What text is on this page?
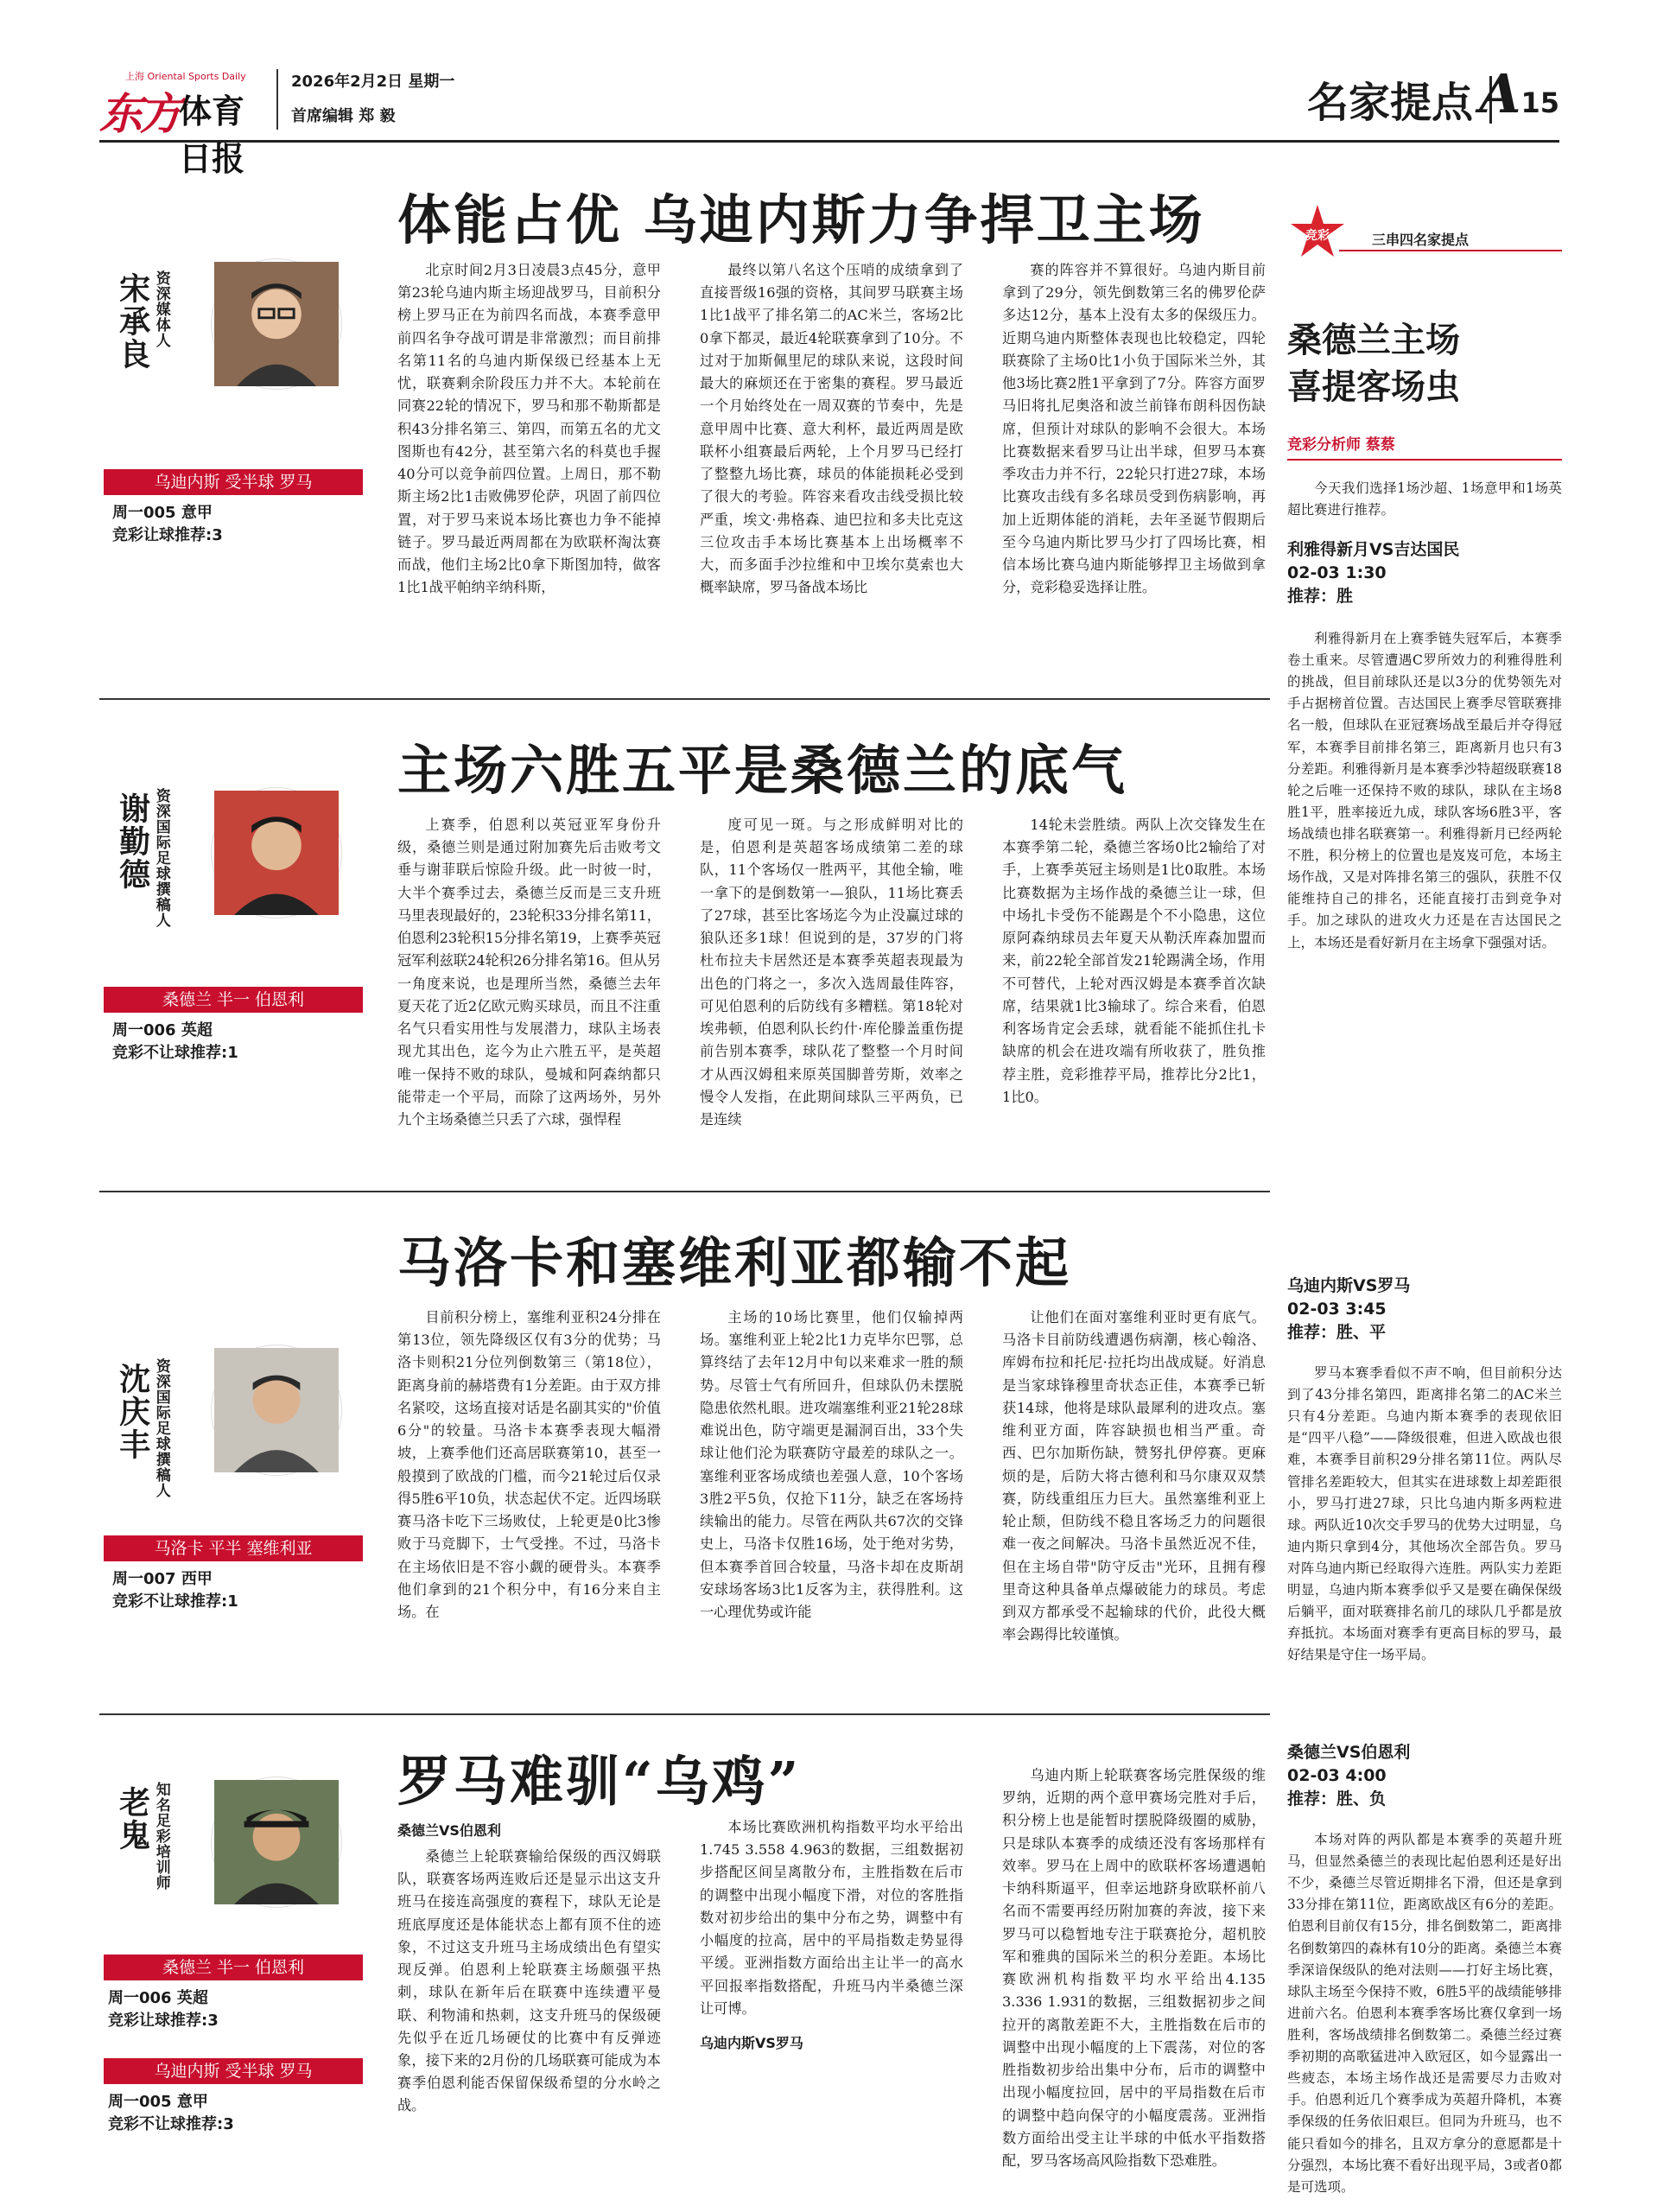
上海 Oriental Sports Daily
东方 体育日报
2026年2月2日 星期一
首席编辑 郑 毅	名家提点 A15
体能占优 乌迪内斯力争捍卫主场
宋承良 资深媒体人
乌迪内斯 受半球 罗马
周一005 意甲
竞彩让球推荐:3
北京时间2月3日凌晨3点45分，意甲第23轮乌迪内斯主场迎战罗马，目前积分榜上罗马正在为前四名而战，本赛季意甲前四名争夺战可谓是非常激烈；而目前排名第11名的乌迪内斯保级已经基本上无忧，联赛剩余阶段压力并不大。本轮前在同赛22轮的情况下，罗马和那不勒斯都是积43分排名第三、第四，而第五名的尤文图斯也有42分，甚至第六名的科莫也手握40分可以竞争前四位置。上周日，那不勒斯主场2比1击败佛罗伦萨，巩固了前四位置，对于罗马来说本场比赛也力争不能掉链子。罗马最近两周都在为欧联杯淘汰赛而战，他们主场2比0拿下斯图加特，做客1比1战平帕纳辛纳科斯，
最终以第八名这个压哨的成绩拿到了直接晋级16强的资格，其间罗马联赛主场1比1战平了排名第二的AC米兰，客场2比0拿下都灵，最近4轮联赛拿到了10分。不过对于加斯佩里尼的球队来说，这段时间最大的麻烦还在于密集的赛程。罗马最近一个月始终处在一周双赛的节奏中，先是意甲周中比赛、意大利杯，最近两周是欧联杯小组赛最后两轮，上个月罗马已经打了整整九场比赛，球员的体能损耗必受到了很大的考验。阵容来看攻击线受损比较严重，埃文·弗格森、迪巴拉和多夫比克这三位攻击手本场比赛基本上出场概率不大，而多面手沙拉维和中卫埃尔莫索也大概率缺席，罗马备战本场比
赛的阵容并不算很好。乌迪内斯目前拿到了29分，领先倒数第三名的佛罗伦萨多达12分，基本上没有太多的保级压力。近期乌迪内斯整体表现也比较稳定，四轮联赛除了主场0比1小负于国际米兰外，其他3场比赛2胜1平拿到了7分。阵容方面罗马旧将扎尼奥洛和波兰前锋布朗科因伤缺席，但预计对球队的影响不会很大。本场比赛数据来看罗马让出半球，但罗马本赛季攻击力并不行，22轮只打进27球，本场比赛攻击线有多名球员受到伤病影响，再加上近期体能的消耗，去年圣诞节假期后至今乌迪内斯比罗马少打了四场比赛，相信本场比赛乌迪内斯能够捍卫主场做到拿分，竞彩稳妥选择让胜。
主场六胜五平是桑德兰的底气
谢勤德 资深国际足球撰稿人
桑德兰 半一 伯恩利
周一006 英超
竞彩不让球推荐:1
上赛季，伯恩利以英冠亚军身份升级，桑德兰则是通过附加赛先后击败考文垂与谢菲联后惊险升级。此一时彼一时，大半个赛季过去，桑德兰反而是三支升班马里表现最好的，23轮积33分排名第11，伯恩利23轮积15分排名第19，上赛季英冠冠军利兹联24轮积26分排名第16。但从另一角度来说，也是理所当然，桑德兰去年夏天花了近2亿欧元购买球员，而且不注重名气只看实用性与发展潜力，球队主场表现尤其出色，迄今为止六胜五平，是英超唯一保持不败的球队，曼城和阿森纳都只能带走一个平局，而除了这两场外，另外九个主场桑德兰只丢了六球，强悍程
度可见一斑。与之形成鲜明对比的是，伯恩利是英超客场成绩第二差的球队，11个客场仅一胜两平，其他全输，唯一拿下的是倒数第一—狼队，11场比赛丢了27球，甚至比客场迄今为止没赢过球的狼队还多1球！但说到的是，37岁的门将杜布拉夫卡居然还是本赛季英超表现最为出色的门将之一，多次入选周最佳阵容，可见伯恩利的后防线有多糟糕。第18轮对埃弗顿，伯恩利队长约什·库伦滕盖重伤提前告别本赛季，球队花了整整一个月时间才从西汉姆租来原英国脚普劳斯，效率之慢令人发指，在此期间球队三平两负，已是连续
14轮未尝胜绩。两队上次交锋发生在本赛季第二轮，桑德兰客场0比2输给了对手，上赛季英冠主场则是1比0取胜。本场比赛数据为主场作战的桑德兰让一球，但中场扎卡受伤不能踢是个不小隐患，这位原阿森纳球员去年夏天从勒沃库森加盟而来，前22轮全部首发21轮踢满全场，作用不可替代，上轮对西汉姆是本赛季首次缺席，结果就1比3输球了。综合来看，伯恩利客场肯定会丢球，就看能不能抓住扎卡缺席的机会在进攻端有所收获了，胜负推荐主胜，竞彩推荐平局，推荐比分2比1，1比0。
马洛卡和塞维利亚都输不起
沈庆丰 资深国际足球撰稿人
马洛卡 平半 塞维利亚
周一007 西甲
竞彩不让球推荐:1
目前积分榜上，塞维利亚积24分排在第13位，领先降级区仅有3分的优势；马洛卡则积21分位列倒数第三（第18位），距离身前的赫塔费有1分差距。由于双方排名紧咬，这场直接对话是名副其实的"价值6分"的较量。马洛卡本赛季表现大幅滑坡，上赛季他们还高居联赛第10，甚至一般摸到了欧战的门槛，而今21轮过后仅录得5胜6平10负，状态起伏不定。近四场联赛马洛卡吃下三场败仗，上轮更是0比3惨败于马竞脚下，士气受挫。不过，马洛卡在主场依旧是不容小觑的硬骨头。本赛季他们拿到的21个积分中，有16分来自主场。在
主场的10场比赛里，他们仅输掉两场。塞维利亚上轮2比1力克毕尔巴鄂，总算终结了去年12月中旬以来难求一胜的颓势。尽管士气有所回升，但球队仍未摆脱隐患依然札眼。进攻端塞维利亚21轮28球难说出色，防守端更是漏洞百出，33个失球让他们沦为联赛防守最差的球队之一。塞维利亚客场成绩也差强人意，10个客场3胜2平5负，仅抢下11分，缺乏在客场持续输出的能力。尽管在两队共67次的交锋史上，马洛卡仅胜16场，处于绝对劣势，但本赛季首回合较量，马洛卡却在皮斯胡安球场客场3比1反客为主，获得胜利。这一心理优势或许能
让他们在面对塞维利亚时更有底气。马洛卡目前防线遭遇伤病潮，核心翰洛、库姆布拉和托尼·拉托均出战成疑。好消息是当家球锋穆里奇状态正佳，本赛季已斩获14球，他将是球队最犀利的进攻点。塞维利亚方面，阵容缺损也相当严重。奇西、巴尔加斯伤缺，赞努扎伊停赛。更麻烦的是，后防大将古德利和马尔康双双禁赛，防线重组压力巨大。虽然塞维利亚上轮止颓，但防线不稳且客场乏力的问题很难一夜之间解决。马洛卡虽然近况不佳，但在主场自带"防守反击"光环，且拥有穆里奇这种具备单点爆破能力的球员。考虑到双方都承受不起输球的代价，此役大概率会踢得比较谨慎。
罗马难驯“乌鸡”
老鬼 知名足彩培训师
桑德兰 半一 伯恩利
周一006 英超
竞彩让球推荐:3
乌迪内斯 受半球 罗马
周一005 意甲
竞彩不让球推荐:3
桑德兰VS伯恩利

桑德兰上轮联赛输给保级的西汉姆联队，联赛客场两连败后还是显示出这支升班马在接连高强度的赛程下，球队无论是班底厚度还是体能状态上都有顶不住的迹象，不过这支升班马主场成绩出色有望实现反弹。伯恩利上轮联赛主场颇强平热刺，球队在新年后在联赛中连续遭平曼联、利物浦和热刺，这支升班马的保级硬先似乎在近几场硬仗的比赛中有反弹迹象，接下来的2月份的几场联赛可能成为本赛季伯恩利能否保留保级希望的分水岭之战。

本场比赛欧洲机构指数平均水平给出1.745 3.558 4.963的数据，三组数据初步搭配区间呈离散分布，主胜指数在后市的调整中出现小幅度下滑，对位的客胜指数对初步给出的集中分布之势，调整中有小幅度的拉高，居中的平局指数走势显得平缓。亚洲指数方面给出主让半一的高水平回报率指数搭配，升班马内半桑德兰深让可博。

乌迪内斯VS罗马
乌迪内斯上轮联赛客场完胜保级的维罗纳，近期的两个意甲赛场完胜对手后，积分榜上也是能暂时摆脱降级圈的威胁，只是球队本赛季的成绩还没有客场那样有效率。罗马在上周中的欧联杯客场遭遇帕卡纳科斯逼平，但幸运地跻身欧联杯前八名而不需要再经历附加赛的奔波，接下来罗马可以稳暂地专注于联赛抢分，超机胶军和雅典的国际米兰的积分差距。本场比赛欧洲机构指数平均水平给出4.135 3.336 1.931的数据，三组数据初步之间拉开的离散差距不大，主胜指数在后市的调整中出现小幅度的上下震荡，对位的客胜指数初步给出集中分布，后市的调整中出现小幅度拉回，居中的平局指数在后市的调整中趋向保守的小幅度震荡。亚洲指数方面给出受主让半球的中低水平指数搭配，罗马客场高风险指数下恐难胜。
竞彩	三串四名家提点
桑德兰主场
喜提客场虫
竞彩分析师 蔡蔡
今天我们选择1场沙超、1场意甲和1场英超比赛进行推荐。
利雅得新月VS吉达国民
02-03 1:30
推荐：胜
利雅得新月在上赛季链失冠军后，本赛季卷土重来。尽管遭遇C罗所效力的利雅得胜利的挑战，但目前球队还是以3分的优势领先对手占据榜首位置。吉达国民上赛季尽管联赛排名一般，但球队在亚冠赛场战至最后并夺得冠军，本赛季目前排名第三，距离新月也只有3分差距。利雅得新月是本赛季沙特超级联赛18轮之后唯一还保持不败的球队，球队在主场8胜1平，胜率接近九成，球队客场6胜3平，客场战绩也排名联赛第一。利雅得新月已经两轮不胜，积分榜上的位置也是岌岌可危，本场主场作战，又是对阵排名第三的强队，获胜不仅能维持自己的排名，还能直接打击到竞争对手。加之球队的进攻火力还是在吉达国民之上，本场还是看好新月在主场拿下强强对话。
乌迪内斯VS罗马
02-03 3:45
推荐：胜、平
罗马本赛季看似不声不响，但目前积分达到了43分排名第四，距离排名第二的AC米兰只有4分差距。乌迪内斯本赛季的表现依旧是“四平八稳”——降级很难，但进入欧战也很难，本赛季目前积29分排名第11位。两队尽管排名差距较大，但其实在进球数上却差距很小，罗马打进27球，只比乌迪内斯多两粒进球。两队近10次交手罗马的优势大过明显，乌迪内斯只拿到4分，其他场次全部告负。罗马对阵乌迪内斯已经取得六连胜。两队实力差距明显，乌迪内斯本赛季似乎又是要在确保保级后躺平，面对联赛排名前几的球队几乎都是放弃抵抗。本场面对赛季有更高目标的罗马，最好结果是守住一场平局。
桑德兰VS伯恩利
02-03 4:00
推荐：胜、负
本场对阵的两队都是本赛季的英超升班马，但显然桑德兰的表现比起伯恩利还是好出不少，桑德兰尽管近期排名下滑，但还是拿到33分排在第11位，距离欧战区有6分的差距。伯恩利目前仅有15分，排名倒数第二，距离排名倒数第四的森林有10分的距离。桑德兰本赛季深谙保级队的绝对法则——打好主场比赛，球队主场至今保持不败，6胜5平的战绩能够排进前六名。伯恩利本赛季客场比赛仅拿到一场胜利，客场战绩排名倒数第二。桑德兰经过赛季初期的高歌猛进冲入欧冠区，如今显露出一些疲态，本场主场作战还是需要尽力击败对手。伯恩利近几个赛季成为英超升降机，本赛季保级的任务依旧艰巨。但同为升班马，也不能只看如今的排名，且双方拿分的意愿都是十分强烈，本场比赛不看好出现平局，3或者0都是可选项。
